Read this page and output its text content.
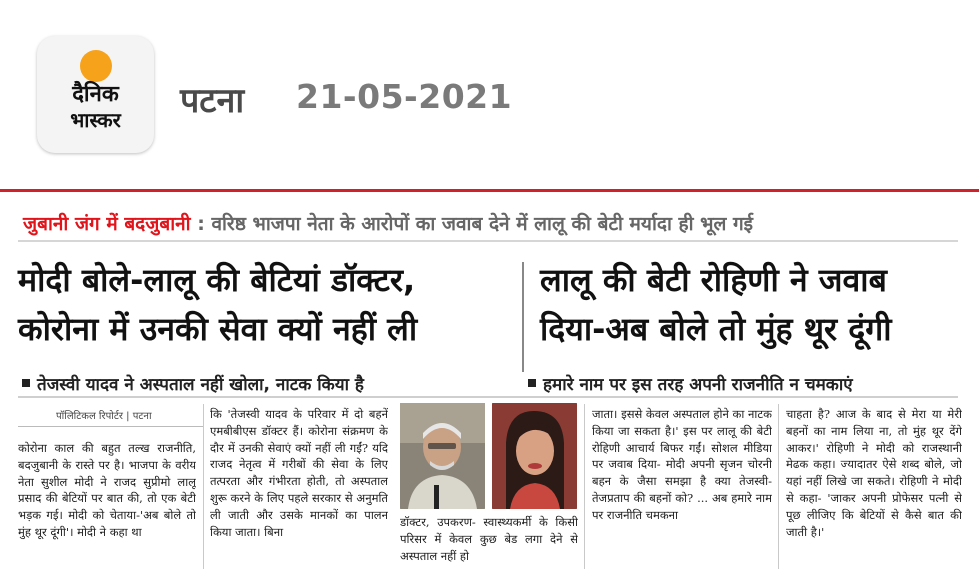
दैनिक
भास्कर	पटना 21-05-2021
जुबानी जंग में बदजुबानी : वरिष्ठ भाजपा नेता के आरोपों का जवाब देने में लालू की बेटी मर्यादा ही भूल गई
मोदी बोले-लालू की बेटियां डॉक्टर,
कोरोना में उनकी सेवा क्यों नहीं ली
लालू की बेटी रोहिणी ने जवाब
दिया-अब बोले तो मुंह थूर दूंगी
तेजस्वी यादव ने अस्पताल नहीं खोला, नाटक किया है	हमारे नाम पर इस तरह अपनी राजनीति न चमकाएं
पॉलिटिकल रिपोर्टर | पटना
कोरोना काल की बहुत तल्ख राजनीति, बदजुबानी के रास्ते पर है। भाजपा के वरीय नेता सुशील मोदी ने राजद सुप्रीमो लालू प्रसाद की बेटियों पर बात की, तो एक बेटी भड़क गई। मोदी को चेताया-'अब बोले तो मुंह थूर दूंगी'। मोदी ने कहा था
कि 'तेजस्वी यादव के परिवार में दो बहनें एमबीबीएस डॉक्टर हैं। कोरोना संक्रमण के दौर में उनकी सेवाएं क्यों नहीं ली गईं? यदि राजद नेतृत्व में गरीबों की सेवा के लिए तत्परता और गंभीरता होती, तो अस्पताल शुरू करने के लिए पहले सरकार से अनुमति ली जाती और उसके मानकों का पालन किया जाता। बिना
डॉक्टर, उपकरण- स्वास्थ्यकर्मी के किसी परिसर में केवल कुछ बेड लगा देने से अस्पताल नहीं हो
जाता। इससे केवल अस्पताल होने का नाटक किया जा सकता है।' इस पर लालू की बेटी रोहिणी आचार्य बिफर गईं। सोशल मीडिया पर जवाब दिया- मोदी अपनी सृजन चोरनी बहन के जैसा समझा है क्या तेजस्वी- तेजप्रताप की बहनों को? ... अब हमारे नाम पर राजनीति चमकना
चाहता है? आज के बाद से मेरा या मेरी बहनों का नाम लिया ना, तो मुंह थूर देंगे आकर।' रोहिणी ने मोदी को राजस्थानी मेढक कहा। ज्यादातर ऐसे शब्द बोले, जो यहां नहीं लिखे जा सकते। रोहिणी ने मोदी से कहा- 'जाकर अपनी प्रोफेसर पत्नी से पूछ लीजिए कि बेटियों से कैसे बात की जाती है।'
